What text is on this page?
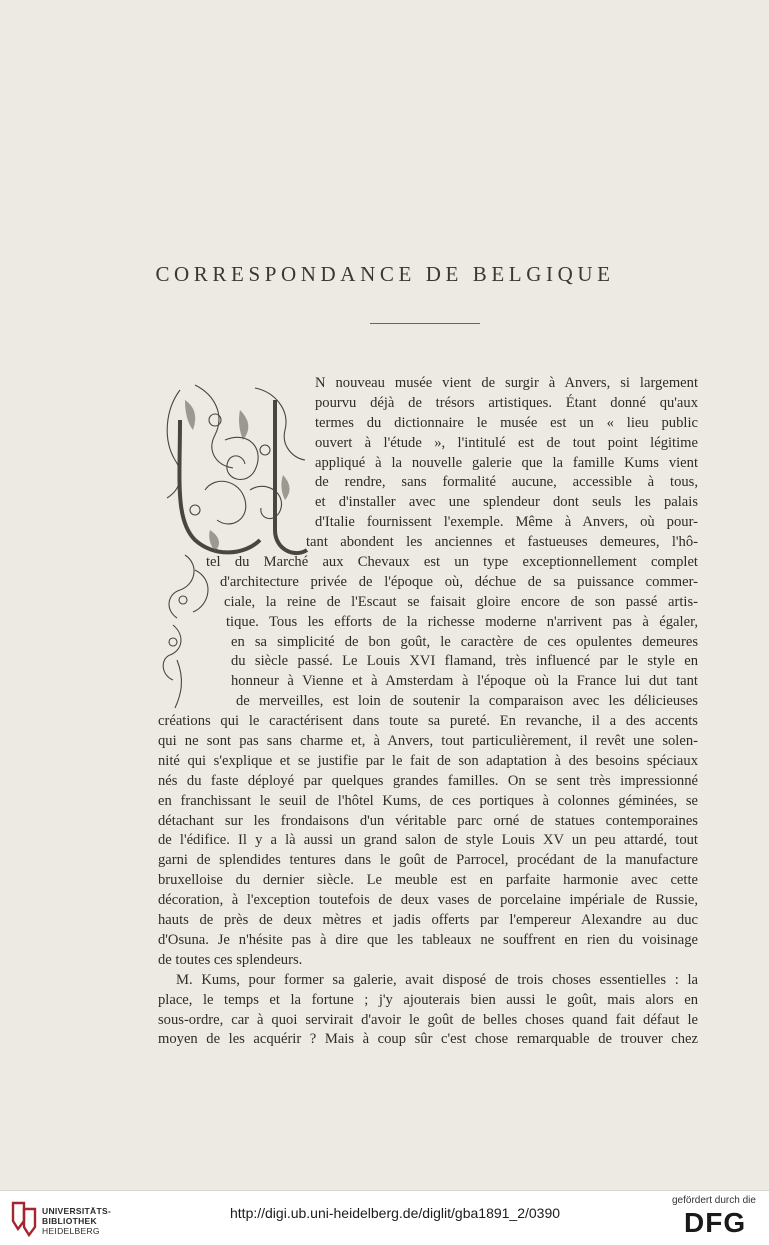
CORRESPONDANCE DE BELGIQUE
N nouveau musée vient de surgir à Anvers, si largement
pourvu déjà de trésors artistiques. Étant donné qu'aux
termes du dictionnaire le musée est un « lieu public
ouvert à l'étude », l'intitulé est de tout point légitime
appliqué à la nouvelle galerie que la famille Kums vient
de rendre, sans formalité aucune, accessible à tous,
et d'installer avec une splendeur dont seuls les palais
d'Italie fournissent l'exemple. Même à Anvers, où pour-
tant abondent les anciennes et fastueuses demeures, l'hô-
tel du Marché aux Chevaux est un type exceptionnellement complet
d'architecture privée de l'époque où, déchue de sa puissance commer-
ciale, la reine de l'Escaut se faisait gloire encore de son passé artis-
tique. Tous les efforts de la richesse moderne n'arrivent pas à égaler,
en sa simplicité de bon goût, le caractère de ces opulentes demeures
du siècle passé. Le Louis XVI flamand, très influencé par le style en
honneur à Vienne et à Amsterdam à l'époque où la France lui dut tant
de merveilles, est loin de soutenir la comparaison avec les délicieuses
créations qui le caractérisent dans toute sa pureté. En revanche, il a des accents
qui ne sont pas sans charme et, à Anvers, tout particulièrement, il revêt une solen-
nité qui s'explique et se justifie par le fait de son adaptation à des besoins spéciaux
nés du faste déployé par quelques grandes familles. On se sent très impressionné
en franchissant le seuil de l'hôtel Kums, de ces portiques à colonnes géminées, se
détachant sur les frondaisons d'un véritable parc orné de statues contemporaines
de l'édifice. Il y a là aussi un grand salon de style Louis XV un peu attardé, tout
garni de splendides tentures dans le goût de Parrocel, procédant de la manufacture
bruxelloise du dernier siècle. Le meuble est en parfaite harmonie avec cette
décoration, à l'exception toutefois de deux vases de porcelaine impériale de Russie,
hauts de près de deux mètres et jadis offerts par l'empereur Alexandre au duc
d'Osuna. Je n'hésite pas à dire que les tableaux ne souffrent en rien du voisinage
de toutes ces splendeurs.
M. Kums, pour former sa galerie, avait disposé de trois choses essentielles : la
place, le temps et la fortune ; j'y ajouterais bien aussi le goût, mais alors en
sous-ordre, car à quoi servirait d'avoir le goût de belles choses quand fait défaut le
moyen de les acquérir ? Mais à coup sûr c'est chose remarquable de trouver chez
UNIVERSITÄTS-
BIBLIOTHEK
HEIDELBERG
http://digi.ub.uni-heidelberg.de/diglit/gba1891_2/0390
gefördert durch die
DFG
